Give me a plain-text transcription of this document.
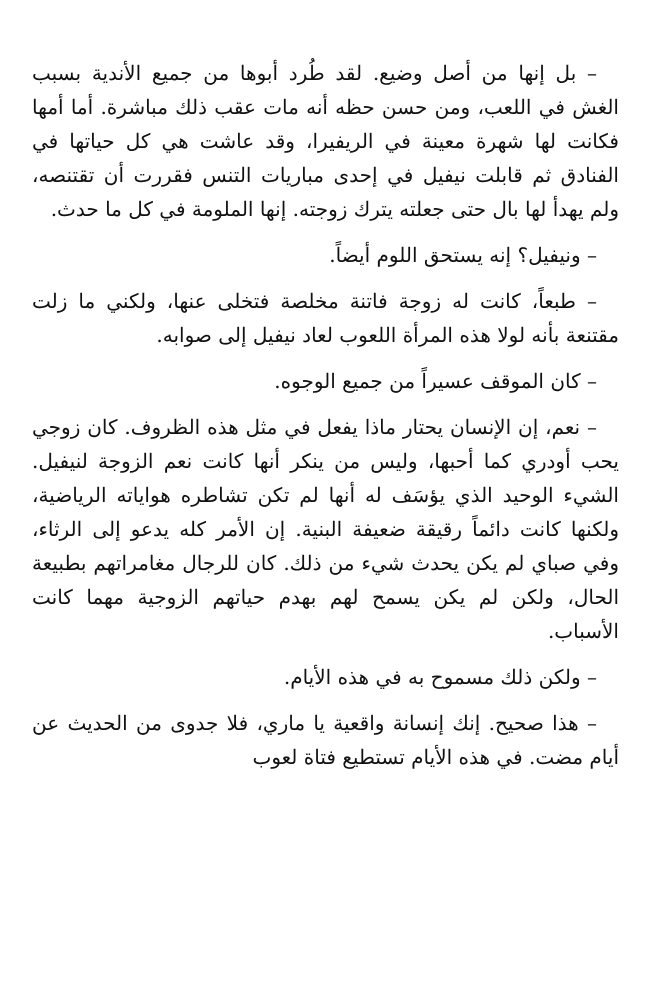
– بل إنها من أصل وضيع. لقد طُرد أبوها من جميع الأندية بسبب الغش في اللعب، ومن حسن حظه أنه مات عقب ذلك مباشرة. أما أمها فكانت لها شهرة معينة في الريفيرا، وقد عاشت هي كل حياتها في الفنادق ثم قابلت نيفيل في إحدى مباريات التنس فقررت أن تقتنصه، ولم يهدأ لها بال حتى جعلته يترك زوجته. إنها الملومة في كل ما حدث.

– ونيفيل؟ إنه يستحق اللوم أيضاً.

– طبعاً، كانت له زوجة فاتنة مخلصة فتخلى عنها، ولكني ما زلت مقتنعة بأنه لولا هذه المرأة اللعوب لعاد نيفيل إلى صوابه.

– كان الموقف عسيراً من جميع الوجوه.

– نعم، إن الإنسان يحتار ماذا يفعل في مثل هذه الظروف. كان زوجي يحب أودري كما أحبها، وليس من ينكر أنها كانت نعم الزوجة لنيفيل. الشيء الوحيد الذي يؤسَف له أنها لم تكن تشاطره هواياته الرياضية، ولكنها كانت دائماً رقيقة ضعيفة البنية. إن الأمر كله يدعو إلى الرثاء، وفي صباي لم يكن يحدث شيء من ذلك. كان للرجال مغامراتهم بطبيعة الحال، ولكن لم يكن يسمح لهم بهدم حياتهم الزوجية مهما كانت الأسباب.

– ولكن ذلك مسموح به في هذه الأيام.

– هذا صحيح. إنك إنسانة واقعية يا ماري، فلا جدوى من الحديث عن أيام مضت. في هذه الأيام تستطيع فتاة لعوب
